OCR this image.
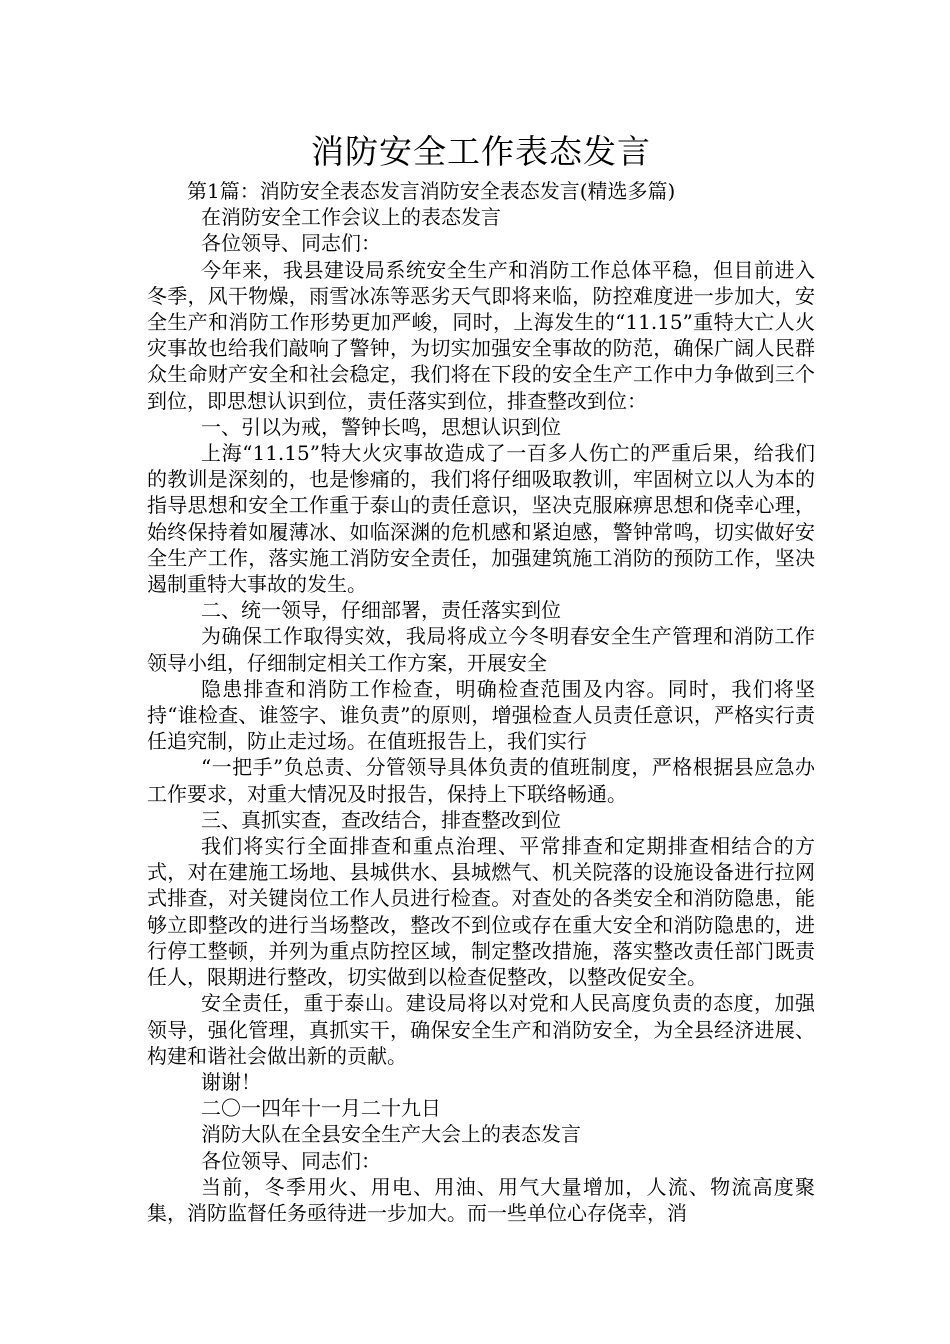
消防安全工作表态发言

第1篇：消防安全表态发言消防安全表态发言(精选多篇)

在消防安全工作会议上的表态发言

各位领导、同志们：

今年来，我县建设局系统安全生产和消防工作总体平稳，但目前进入冬季，风干物燥，雨雪冰冻等恶劣天气即将来临，防控难度进一步加大，安全生产和消防工作形势更加严峻，同时，上海发生的“11.15”重特大亡人火灾事故也给我们敲响了警钟，为切实加强安全事故的防范，确保广阔人民群众生命财产安全和社会稳定，我们将在下段的安全生产工作中力争做到三个到位，即思想认识到位，责任落实到位，排查整改到位：

一、引以为戒，警钟长鸣，思想认识到位

上海“11.15”特大火灾事故造成了一百多人伤亡的严重后果，给我们的教训是深刻的，也是惨痛的，我们将仔细吸取教训，牢固树立以人为本的指导思想和安全工作重于泰山的责任意识，坚决克服麻痹思想和侥幸心理，始终保持着如履薄冰、如临深渊的危机感和紧迫感，警钟常鸣，切实做好安全生产工作，落实施工消防安全责任，加强建筑施工消防的预防工作，坚决遏制重特大事故的发生。

二、统一领导，仔细部署，责任落实到位

为确保工作取得实效，我局将成立今冬明春安全生产管理和消防工作领导小组，仔细制定相关工作方案，开展安全

隐患排查和消防工作检查，明确检查范围及内容。同时，我们将坚持“谁检查、谁签字、谁负责”的原则，增强检查人员责任意识，严格实行责任追究制，防止走过场。在值班报告上，我们实行

“一把手”负总责、分管领导具体负责的值班制度，严格根据县应急办工作要求，对重大情况及时报告，保持上下联络畅通。

三、真抓实查，查改结合，排查整改到位

我们将实行全面排查和重点治理、平常排查和定期排查相结合的方式，对在建施工场地、县城供水、县城燃气、机关院落的设施设备进行拉网式排查，对关键岗位工作人员进行检查。对查处的各类安全和消防隐患，能够立即整改的进行当场整改，整改不到位或存在重大安全和消防隐患的，进行停工整顿，并列为重点防控区域，制定整改措施，落实整改责任部门既责任人，限期进行整改，切实做到以检查促整改，以整改促安全。

安全责任，重于泰山。建设局将以对党和人民高度负责的态度，加强领导，强化管理，真抓实干，确保安全生产和消防安全，为全县经济进展、构建和谐社会做出新的贡献。

谢谢！

二〇一四年十一月二十九日

消防大队在全县安全生产大会上的表态发言

各位领导、同志们：

当前，冬季用火、用电、用油、用气大量增加，人流、物流高度聚集，消防监督任务亟待进一步加大。而一些单位心存侥幸，消
